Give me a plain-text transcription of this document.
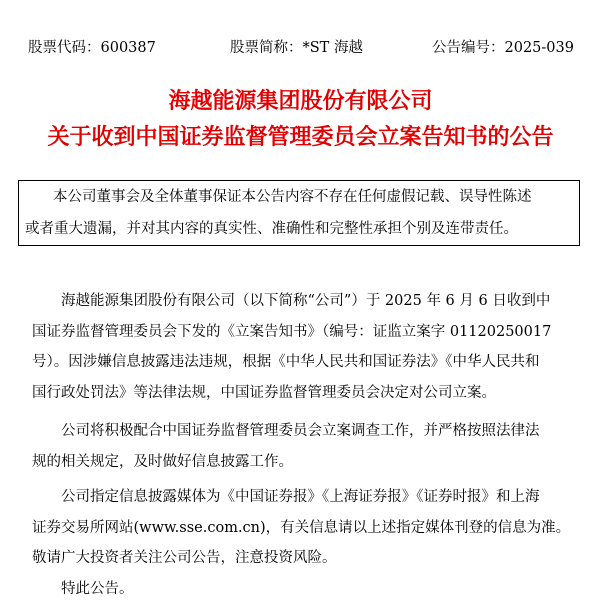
股票代码：600387	股票简称：*ST 海越	公告编号：2025-039
海越能源集团股份有限公司
关于收到中国证券监督管理委员会立案告知书的公告
本公司董事会及全体董事保证本公告内容不存在任何虚假记载、误导性陈述
或者重大遗漏，并对其内容的真实性、准确性和完整性承担个别及连带责任。
海越能源集团股份有限公司（以下简称“公司”）于 2025 年 6 月 6 日收到中
国证券监督管理委员会下发的《立案告知书》（编号：证监立案字 01120250017
号）。因涉嫌信息披露违法违规，根据《中华人民共和国证券法》《中华人民共和
国行政处罚法》等法律法规，中国证券监督管理委员会决定对公司立案。
公司将积极配合中国证券监督管理委员会立案调查工作，并严格按照法律法
规的相关规定，及时做好信息披露工作。
公司指定信息披露媒体为《中国证券报》《上海证券报》《证券时报》和上海
证券交易所网站(www.sse.com.cn)，有关信息请以上述指定媒体刊登的信息为准。
敬请广大投资者关注公司公告，注意投资风险。
特此公告。
